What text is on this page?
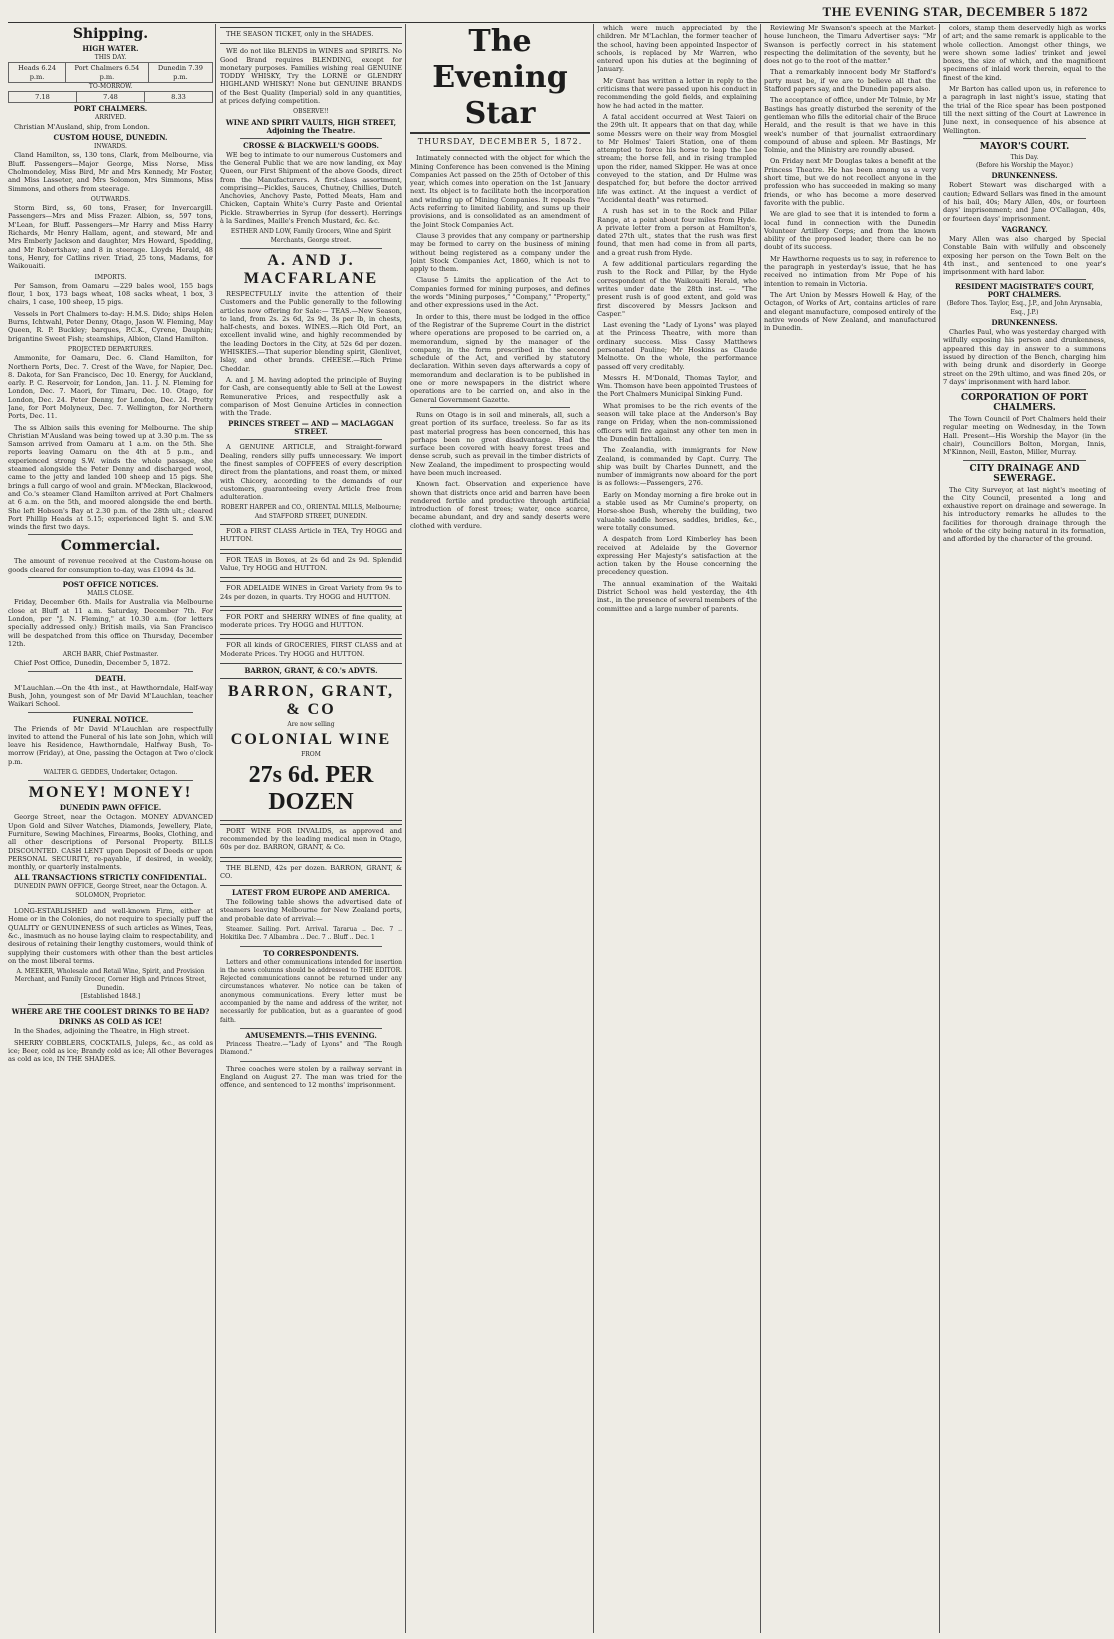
THE EVENING STAR, DECEMBER 5 1872
Shipping.
HIGH WATER.
THIS DAY.
Heads 6.24 p.m.	Port Chalmers 6.54 p.m.	Dunedin 7.39 p.m.
TO-MORROW.
7.18	7.48	8.33
PORT CHALMERS.
ARRIVED.

Christian M'Ausland, ship, from London.

CUSTOM HOUSE, DUNEDIN.
INWARDS.

Cland Hamilton, ss, 130 tons, Clark, from Melbourne, via Bluff. Passengers—Major George, Miss Norse, Miss Cholmondeley, Miss Bird, Mr and Mrs Kennedy, Mr Foster, and Miss Lasseter, and Mrs Solomon, Mrs Simmons, Miss Simmons, and others from steerage.

OUTWARDS.

Storm Bird, ss, 60 tons, Fraser, for Invercargill. Passengers—Mrs and Miss Frazer. Albion, ss, 597 tons, M'Lean, for Bluff. Passengers—Mr Harry and Miss Harry Richards, Mr Henry Hallam, agent, and steward, Mr and Mrs Emberly Jackson and daughter, Mrs Howard, Spedding, and Mr Robertshaw; and 8 in steerage. Lloyds Herald, 48 tons, Henry, for Catlins river. Triad, 25 tons, Madams, for Waikouaiti.

IMPORTS.

Per Samson, from Oamaru —229 bales wool, 155 bags flour, 1 box, 173 bags wheat, 108 sacks wheat, 1 box, 3 chairs, 1 case, 100 sheep, 15 pigs.

Vessels in Port Chalmers to-day: H.M.S. Dido; ships Helen Burns, Ichtwahl, Peter Denny, Otago, Jason W. Fleming, May Queen, R. P. Buckley; barques, P.C.K., Cyrene, Dauphin; brigantine Sweet Fish; steamships, Albion, Cland Hamilton.

PROJECTED DEPARTURES.

Ammonite, for Oamaru, Dec. 6. Cland Hamilton, for Northern Ports, Dec. 7. Crest of the Wave, for Napier, Dec. 8. Dakota, for San Francisco, Dec 10. Energy, for Auckland, early. P. C. Reservoir, for London, Jan. 11. J. N. Fleming for London, Dec. 7. Maori, for Timaru, Dec. 10. Otago, for London, Dec. 24. Peter Denny, for London, Dec. 24. Pretty Jane, for Port Molyneux, Dec. 7. Wellington, for Northern Ports, Dec. 11.

The ss Albion sails this evening for Melbourne. The ship Christian M'Ausland was being towed up at 3.30 p.m. The ss Samson arrived from Oamaru at 1 a.m. on the 5th. She reports leaving Oamaru on the 4th at 5 p.m., and experienced strong S.W. winds the whole passage, she steamed alongside the Peter Denny and discharged wool, came to the jetty and landed 100 sheep and 15 pigs. She brings a full cargo of wool and grain. M'Meckan, Blackwood, and Co.'s steamer Cland Hamilton arrived at Port Chalmers at 6 a.m. on the 5th, and moored alongside the end berth. She left Hobson's Bay at 2.30 p.m. of the 28th ult.; cleared Port Phillip Heads at 5.15; experienced light S. and S.W. winds the first two days.

Commercial.

The amount of revenue received at the Custom-house on goods cleared for consumption to-day, was £1094 4s 3d.

POST OFFICE NOTICES.
MAILS CLOSE.

Friday, December 6th. Mails for Australia via Melbourne close at Bluff at 11 a.m. Saturday, December 7th. For London, per "J. N. Fleming," at 10.30 a.m. (for letters specially addressed only.) British mails, via San Francisco will be despatched from this office on Thursday, December 12th.

ARCH BARR, Chief Postmaster.

Chief Post Office, Dunedin, December 5, 1872.

DEATH.

M'Lauchlan.—On the 4th inst., at Hawthorndale, Half-way Bush, John, youngest son of Mr David M'Lauchlan, teacher Waikari School.

FUNERAL NOTICE.

The Friends of Mr David M'Lauchlan are respectfully invited to attend the Funeral of his late son John, which will leave his Residence, Hawthorndale, Halfway Bush, To-morrow (Friday), at One, passing the Octagon at Two o'clock p.m.

WALTER G. GEDDES, Undertaker, Octagon.
MONEY! MONEY!
DUNEDIN PAWN OFFICE.

George Street, near the Octagon. MONEY ADVANCED Upon Gold and Silver Watches, Diamonds, Jewellery, Plate, Furniture, Sewing Machines, Firearms, Books, Clothing, and all other descriptions of Personal Property. BILLS DISCOUNTED. CASH LENT upon Deposit of Deeds or upon PERSONAL SECURITY, re-payable, if desired, in weekly, monthly, or quarterly instalments.

ALL TRANSACTIONS STRICTLY CONFIDENTIAL.
DUNEDIN PAWN OFFICE, George Street, near the Octagon. A. SOLOMON, Proprietor.

LONG-ESTABLISHED and well-known Firm, either at Home or in the Colonies, do not require to specially puff the QUALITY or GENUINENESS of such articles as Wines, Teas, &c., inasmuch as no house laying claim to respectability, and desirous of retaining their lengthy customers, would think of supplying their customers with other than the best articles on the most liberal terms.

A. MEEKER, Wholesale and Retail Wine, Spirit, and Provision Merchant, and Family Grocer, Corner High and Princes Street, Dunedin.
[Established 1848.]
WHERE ARE THE COOLEST DRINKS TO BE HAD?
DRINKS AS COLD AS ICE!

In the Shades, adjoining the Theatre, in High street.

SHERRY COBBLERS, COCKTAILS, Juleps, &c., as cold as ice; Beer, cold as ice; Brandy cold as ice; All other Beverages as cold as ice, IN THE SHADES.

THE SEASON TICKET, only in the SHADES.

WE do not like BLENDS in WINES and SPIRITS. No Good Brand requires BLENDING, except for monetary purposes. Families wishing real GENUINE TODDY WHISKY, Try the LORNE or GLENDRY HIGHLAND WHISKY! None but GENUINE BRANDS of the Best Quality (Imperial) sold in any quantities, at prices defying competition.

OBSERVE!!
WINE AND SPIRIT VAULTS, HIGH STREET, Adjoining the Theatre.
CROSSE & BLACKWELL'S GOODS.

WE beg to intimate to our numerous Customers and the General Public that we are now landing, ex May Queen, our First Shipment of the above Goods, direct from the Manufacturers. A first-class assortment, comprising—Pickles, Sauces, Chutney, Chillies, Dutch Anchovies, Anchovy Paste, Potted Meats, Ham and Chicken, Captain White's Curry Paste and Oriental Pickle. Strawberries in Syrup (for dessert). Herrings à la Sardines, Maille's French Mustard, &c. &c.

ESTHER AND LOW, Family Grocers, Wine and Spirit Merchants, George street.
A. AND J. MACFARLANE

RESPECTFULLY invite the attention of their Customers and the Public generally to the following articles now offering for Sale:— TEAS.—New Season, to land, from 2s. 2s 6d, 2s 9d, 3s per lb, in chests, half-chests, and boxes. WINES.—Rich Old Port, an excellent invalid wine, and highly recommended by the leading Doctors in the City, at 52s 6d per dozen. WHISKIES.—That superior blending spirit, Glenlivet, Islay, and other brands. CHEESE.—Rich Prime Cheddar.

A. and J. M. having adopted the principle of Buying for Cash, are consequently able to Sell at the Lowest Remunerative Prices, and respectfully ask a comparison of Most Genuine Articles in connection with the Trade.

PRINCES STREET — AND — MACLAGGAN STREET.

A GENUINE ARTICLE, and Straight-forward Dealing, renders silly puffs unnecessary. We import the finest samples of COFFEES of every description direct from the plantations, and roast them, or mixed with Chicory, according to the demands of our customers, guaranteeing every Article free from adulteration.

ROBERT HARPER and CO., ORIENTAL MILLS, Melbourne; And STAFFORD STREET, DUNEDIN.

FOR a FIRST CLASS Article in TEA, Try HOGG and HUTTON.

FOR TEAS in Boxes, at 2s 6d and 2s 9d. Splendid Value, Try HOGG and HUTTON.

FOR ADELAIDE WINES in Great Variety from 9s to 24s per dozen, in quarts. Try HOGG and HUTTON.

FOR PORT and SHERRY WINES of fine quality, at moderate prices. Try HOGG and HUTTON.

FOR all kinds of GROCERIES, FIRST CLASS and at Moderate Prices. Try HOGG and HUTTON.

BARRON, GRANT, & CO.'s ADVTS.
BARRON, GRANT, & CO
Are now selling
COLONIAL WINE
FROM
27s 6d. PER DOZEN

PORT WINE FOR INVALIDS, as approved and recommended by the leading medical men in Otago, 60s per doz. BARRON, GRANT, & Co.

THE BLEND, 42s per dozen. BARRON, GRANT, & CO.

LATEST FROM EUROPE AND AMERICA.

The following table shows the advertised date of steamers leaving Melbourne for New Zealand ports, and probable date of arrival:—

Steamer. Sailing. Port. Arrival. Tararua .. Dec. 7 .. Hokitika Dec. 7 Albambra .. Dec. 7 .. Bluff .. Dec. 1

TO CORRESPONDENTS.

Letters and other communications intended for insertion in the news columns should be addressed to THE EDITOR. Rejected communications cannot be returned under any circumstances whatever. No notice can be taken of anonymous communications. Every letter must be accompanied by the name and address of the writer, not necessarily for publication, but as a guarantee of good faith.

AMUSEMENTS.—THIS EVENING.

Princess Theatre.—"Lady of Lyons" and "The Rough Diamond."

Three coaches were stolen by a railway servant in England on August 27. The man was tried for the offence, and sentenced to 12 months' imprisonment.

The Evening Star
THURSDAY, DECEMBER 5, 1872.

Intimately connected with the object for which the Mining Conference has been convened is the Mining Companies Act passed on the 25th of October of this year, which comes into operation on the 1st January next. Its object is to facilitate both the incorporation and winding up of Mining Companies. It repeals five Acts referring to limited liability, and sums up their provisions, and is consolidated as an amendment of the Joint Stock Companies Act.

Clause 3 provides that any company or partnership may be formed to carry on the business of mining without being registered as a company under the Joint Stock Companies Act, 1860, which is not to apply to them.

Clause 5 Limits the application of the Act to Companies formed for mining purposes, and defines the words "Mining purposes," "Company," "Property," and other expressions used in the Act.

In order to this, there must be lodged in the office of the Registrar of the Supreme Court in the district where operations are proposed to be carried on, a memorandum, signed by the manager of the company, in the form prescribed in the second schedule of the Act, and verified by statutory declaration. Within seven days afterwards a copy of memorandum and declaration is to be published in one or more newspapers in the district where operations are to be carried on, and also in the General Government Gazette.

Runs on Otago is in soil and minerals, all, such a great portion of its surface, treeless. So far as its past material progress has been concerned, this has perhaps been no great disadvantage. Had the surface been covered with heavy forest trees and dense scrub, such as prevail in the timber districts of New Zealand, the impediment to prospecting would have been much increased.

Known fact. Observation and experience have shown that districts once arid and barren have been rendered fertile and productive through artificial introduction of forest trees; water, once scarce, became abundant, and dry and sandy deserts were clothed with verdure.

which were much appreciated by the children. Mr M'Lachlan, the former teacher of the school, having been appointed Inspector of schools, is replaced by Mr Warren, who entered upon his duties at the beginning of January.

Mr Grant has written a letter in reply to the criticisms that were passed upon his conduct in recommending the gold fields, and explaining how he had acted in the matter.

A fatal accident occurred at West Taieri on the 29th ult. It appears that on that day, while some Messrs were on their way from Mosgiel to Mr Holmes' Taieri Station, one of them attempted to force his horse to leap the Lee stream; the horse fell, and in rising trampled upon the rider, named Skipper. He was at once conveyed to the station, and Dr Hulme was despatched for, but before the doctor arrived life was extinct. At the inquest a verdict of "Accidental death" was returned.

A rush has set in to the Rock and Pillar Range, at a point about four miles from Hyde. A private letter from a person at Hamilton's, dated 27th ult., states that the rush was first found, that men had come in from all parts, and a great rush from Hyde.

A few additional particulars regarding the rush to the Rock and Pillar, by the Hyde correspondent of the Waikouaiti Herald, who writes under date the 28th inst. — "The present rush is of good extent, and gold was first discovered by Messrs Jackson and Casper."

Last evening the "Lady of Lyons" was played at the Princess Theatre, with more than ordinary success. Miss Cassy Matthews personated Pauline; Mr Hoskins as Claude Melnotte. On the whole, the performance passed off very creditably.

Messrs H. M'Donald, Thomas Taylor, and Wm. Thomson have been appointed Trustees of the Port Chalmers Municipal Sinking Fund.

What promises to be the rich events of the season will take place at the Anderson's Bay range on Friday, when the non-commissioned officers will fire against any other ten men in the Dunedin battalion.

The Zealandia, with immigrants for New Zealand, is commanded by Capt. Curry. The ship was built by Charles Dunnett, and the number of immigrants now aboard for the port is as follows:—Passengers, 276.

Early on Monday morning a fire broke out in a stable used as Mr Cumine's property, on Horse-shoe Bush, whereby the building, two valuable saddle horses, saddles, bridles, &c., were totally consumed.

A despatch from Lord Kimberley has been received at Adelaide by the Governor expressing Her Majesty's satisfaction at the action taken by the House concerning the precedency question.

The annual examination of the Waitaki District School was held yesterday, the 4th inst., in the presence of several members of the committee and a large number of parents.

Reviewing Mr Swanson's speech at the Market-house luncheon, the Timaru Advertiser says: "Mr Swanson is perfectly correct in his statement respecting the delimitation of the seventy, but he does not go to the root of the matter."

That a remarkably innocent body Mr Stafford's party must be, if we are to believe all that the Stafford papers say, and the Dunedin papers also.

The acceptance of office, under Mr Tolmie, by Mr Bastings has greatly disturbed the serenity of the gentleman who fills the editorial chair of the Bruce Herald, and the result is that we have in this week's number of that journalist extraordinary compound of abuse and spleen. Mr Bastings, Mr Tolmie, and the Ministry are roundly abused.

On Friday next Mr Douglas takes a benefit at the Princess Theatre. He has been among us a very short time, but we do not recollect anyone in the profession who has succeeded in making so many friends, or who has become a more deserved favorite with the public.

We are glad to see that it is intended to form a local fund in connection with the Dunedin Volunteer Artillery Corps; and from the known ability of the proposed leader, there can be no doubt of its success.

Mr Hawthorne requests us to say, in reference to the paragraph in yesterday's issue, that he has received no intimation from Mr Pope of his intention to remain in Victoria.

The Art Union by Messrs Howell & Hay, of the Octagon, of Works of Art, contains articles of rare and elegant manufacture, composed entirely of the native woods of New Zealand, and manufactured in Dunedin.

colors, stamp them deservedly high as works of art; and the same remark is applicable to the whole collection. Amongst other things, we were shown some ladies' trinket and jewel boxes, the size of which, and the magnificent specimens of inlaid work therein, equal to the finest of the kind.

Mr Barton has called upon us, in reference to a paragraph in last night's issue, stating that the trial of the Rice spear has been postponed till the next sitting of the Court at Lawrence in June next, in consequence of his absence at Wellington.

MAYOR'S COURT.
This Day.
(Before his Worship the Mayor.)
DRUNKENNESS.

Robert Stewart was discharged with a caution; Edward Sellars was fined in the amount of his bail, 40s; Mary Allen, 40s, or fourteen days' imprisonment; and Jane O'Callagan, 40s, or fourteen days' imprisonment.

VAGRANCY.

Mary Allen was also charged by Special Constable Bain with wilfully and obscenely exposing her person on the Town Belt on the 4th inst., and sentenced to one year's imprisonment with hard labor.

RESIDENT MAGISTRATE'S COURT, PORT CHALMERS.
(Before Thos. Taylor, Esq., J.P., and John Arynsabia, Esq., J.P.)
DRUNKENNESS.

Charles Paul, who was yesterday charged with wilfully exposing his person and drunkenness, appeared this day in answer to a summons issued by direction of the Bench, charging him with being drunk and disorderly in George street on the 29th ultimo, and was fined 20s, or 7 days' imprisonment with hard labor.

CORPORATION OF PORT CHALMERS.

The Town Council of Port Chalmers held their regular meeting on Wednesday, in the Town Hall. Present—His Worship the Mayor (in the chair), Councillors Bolton, Morgan, Innis, M'Kinnon, Neill, Easton, Miller, Murray.

CITY DRAINAGE AND SEWERAGE.

The City Surveyor, at last night's meeting of the City Council, presented a long and exhaustive report on drainage and sewerage. In his introductory remarks he alludes to the facilities for thorough drainage through the whole of the city being natural in its formation, and afforded by the character of the ground.
